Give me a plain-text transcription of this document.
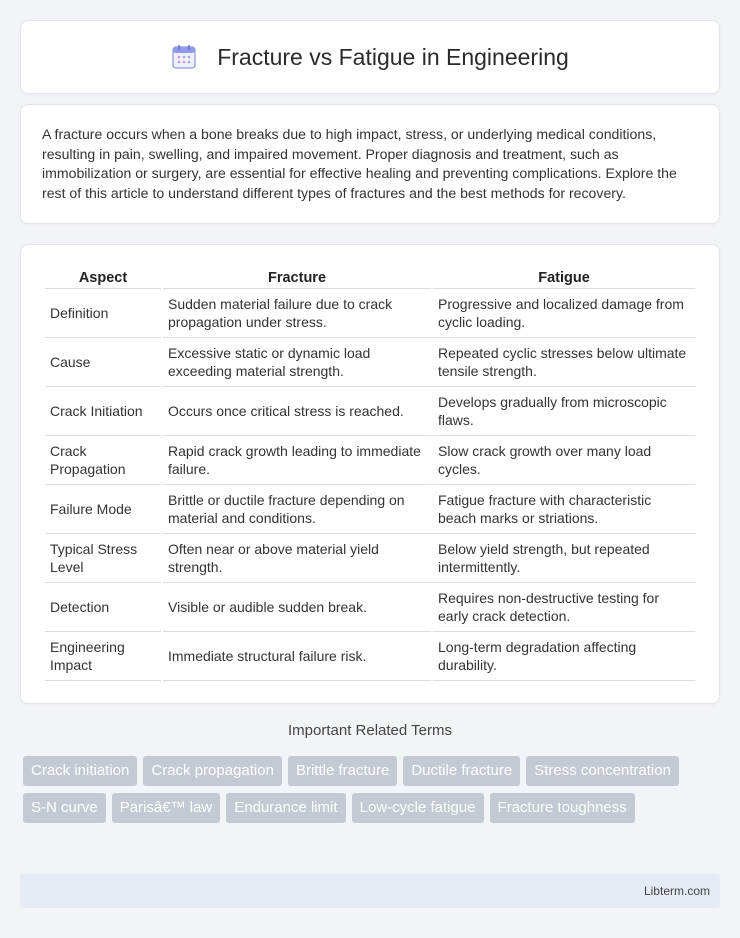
Fracture vs Fatigue in Engineering

A fracture occurs when a bone breaks due to high impact, stress, or underlying medical conditions, resulting in pain, swelling, and impaired movement. Proper diagnosis and treatment, such as immobilization or surgery, are essential for effective healing and preventing complications. Explore the rest of this article to understand different types of fractures and the best methods for recovery.

Aspect	Fracture	Fatigue
Definition	Sudden material failure due to crack propagation under stress.	Progressive and localized damage from cyclic loading.
Cause	Excessive static or dynamic load exceeding material strength.	Repeated cyclic stresses below ultimate tensile strength.
Crack Initiation	Occurs once critical stress is reached.	Develops gradually from microscopic flaws.
Crack Propagation	Rapid crack growth leading to immediate failure.	Slow crack growth over many load cycles.
Failure Mode	Brittle or ductile fracture depending on material and conditions.	Fatigue fracture with characteristic beach marks or striations.
Typical Stress Level	Often near or above material yield strength.	Below yield strength, but repeated intermittently.
Detection	Visible or audible sudden break.	Requires non-destructive testing for early crack detection.
Engineering Impact	Immediate structural failure risk.	Long-term degradation affecting durability.
Important Related Terms
Crack initiation	Crack propagation	Brittle fracture	Ductile fracture	Stress concentration
S-N curve	Parisâ€™ law	Endurance limit	Low-cycle fatigue	Fracture toughness
Libterm.com
